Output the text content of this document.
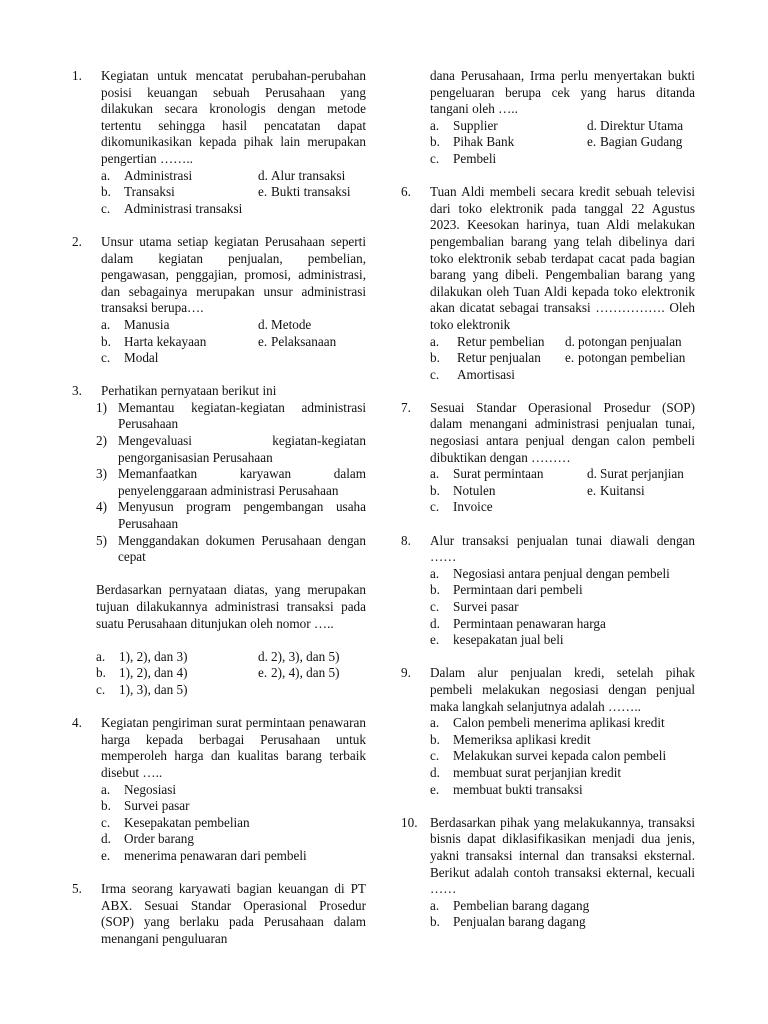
1.	Kegiatan untuk mencatat perubahan-perubahan posisi keuangan sebuah Perusahaan yang dilakukan secara kronologis dengan metode tertentu sehingga hasil pencatatan dapat dikomunikasikan kepada pihak lain merupakan pengertian ……..
a.	Administrasi	d. Alur transaksi
b. Transaksi	e. Bukti transaksi
c.	Administrasi transaksi
2.	Unsur utama setiap kegiatan Perusahaan seperti dalam kegiatan penjualan, pembelian, pengawasan, penggajian, promosi, administrasi, dan sebagainya merupakan unsur administrasi transaksi berupa….
a.	Manusia	d. Metode
b. Harta kekayaan	e. Pelaksanaan
c.	Modal
3.	Perhatikan pernyataan berikut ini
1) Memantau kegiatan-kegiatan administrasi Perusahaan
2) Mengevaluasi kegiatan-kegiatan pengorganisasian Perusahaan
3) Memanfaatkan karyawan dalam penyelenggaraan administrasi Perusahaan
4) Menyusun program pengembangan usaha Perusahaan
5) Menggandakan dokumen Perusahaan dengan cepat
Berdasarkan pernyataan diatas, yang merupakan tujuan dilakukannya administrasi transaksi pada suatu Perusahaan ditunjukan oleh nomor …..
a.	1), 2), dan 3)	d. 2), 3), dan 5)
b. 1), 2), dan 4)	e. 2), 4), dan 5)
c.	1), 3), dan 5)
4.	Kegiatan pengiriman surat permintaan penawaran harga kepada berbagai Perusahaan untuk memperoleh harga dan kualitas barang terbaik disebut …..
a.	Negosiasi
b. Survei pasar
c.	Kesepakatan pembelian
d. Order barang
e.	menerima penawaran dari pembeli
5.	Irma seorang karyawati bagian keuangan di PT ABX. Sesuai Standar Operasional Prosedur (SOP) yang berlaku pada Perusahaan dalam menangani penguluaran
dana Perusahaan, Irma perlu menyertakan bukti pengeluaran berupa cek yang harus ditanda tangani oleh …..
a.	Supplier	d. Direktur Utama
b. Pihak Bank	e. Bagian Gudang
c.	Pembeli
6.	Tuan Aldi membeli secara kredit sebuah televisi dari toko elektronik pada tanggal 22 Agustus 2023. Keesokan harinya, tuan Aldi melakukan pengembalian barang yang telah dibelinya dari toko elektronik sebab terdapat cacat pada bagian barang yang dibeli. Pengembalian barang yang dilakukan oleh Tuan Aldi kepada toko elektronik akan dicatat sebagai transaksi ……………. Oleh toko elektronik
a.	Retur pembelian	d. potongan penjualan
b.	Retur penjualan	e. potongan pembelian
c.	Amortisasi
7.	Sesuai Standar Operasional Prosedur (SOP) dalam menangani administrasi penjualan tunai, negosiasi antara penjual dengan calon pembeli dibuktikan dengan ………
a.	Surat permintaan	d. Surat perjanjian
b. Notulen	e. Kuitansi
c.	Invoice
8.	Alur transaksi penjualan tunai diawali dengan ……
a.	Negosiasi antara penjual dengan pembeli
b. Permintaan dari pembeli
c.	Survei pasar
d. Permintaan penawaran harga
e.	kesepakatan jual beli
9.	Dalam alur penjualan kredi, setelah pihak pembeli melakukan negosiasi dengan penjual maka langkah selanjutnya adalah ……..
a.	Calon pembeli menerima aplikasi kredit
b. Memeriksa aplikasi kredit
c.	Melakukan survei kepada calon pembeli
d. membuat surat perjanjian kredit
e.	membuat bukti transaksi
10. Berdasarkan pihak yang melakukannya, transaksi bisnis dapat diklasifikasikan menjadi dua jenis, yakni transaksi internal dan transaksi eksternal. Berikut adalah contoh transaksi ekternal, kecuali ……
a.	Pembelian barang dagang
b. Penjualan barang dagang
